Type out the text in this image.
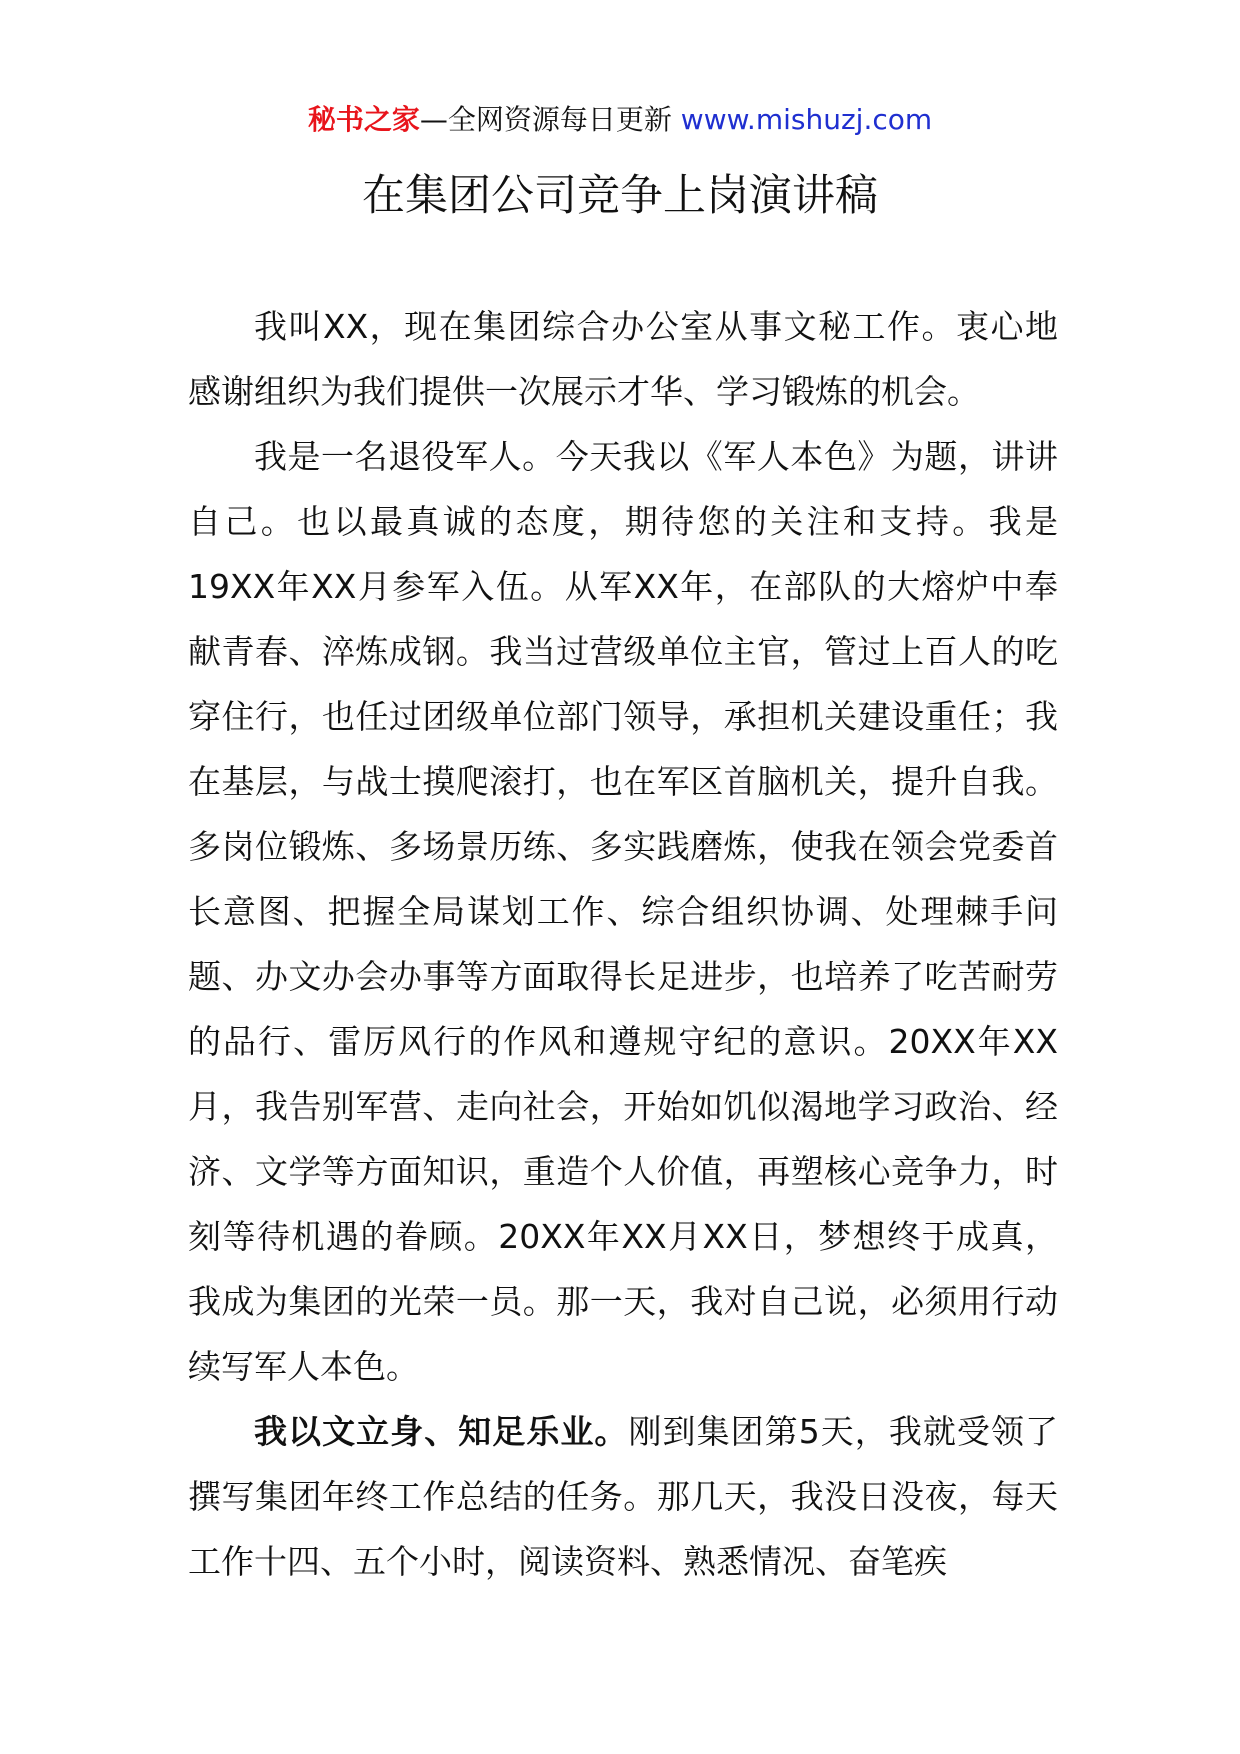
秘书之家—全网资源每日更新 www.mishuzj.com
在集团公司竞争上岗演讲稿

我叫XX，现在集团综合办公室从事文秘工作。衷心地感谢组织为我们提供一次展示才华、学习锻炼的机会。

我是一名退役军人。今天我以《军人本色》为题，讲讲自己。也以最真诚的态度，期待您的关注和支持。我是19XX年XX月参军入伍。从军XX年，在部队的大熔炉中奉献青春、淬炼成钢。我当过营级单位主官，管过上百人的吃穿住行，也任过团级单位部门领导，承担机关建设重任；我在基层，与战士摸爬滚打，也在军区首脑机关，提升自我。多岗位锻炼、多场景历练、多实践磨炼，使我在领会党委首长意图、把握全局谋划工作、综合组织协调、处理棘手问题、办文办会办事等方面取得长足进步，也培养了吃苦耐劳的品行、雷厉风行的作风和遵规守纪的意识。20XX年XX月，我告别军营、走向社会，开始如饥似渴地学习政治、经济、文学等方面知识，重造个人价值，再塑核心竞争力，时刻等待机遇的眷顾。20XX年XX月XX日，梦想终于成真，我成为集团的光荣一员。那一天，我对自己说，必须用行动续写军人本色。

我以文立身、知足乐业。刚到集团第5天，我就受领了撰写集团年终工作总结的任务。那几天，我没日没夜，每天工作十四、五个小时，阅读资料、熟悉情况、奋笔疾
